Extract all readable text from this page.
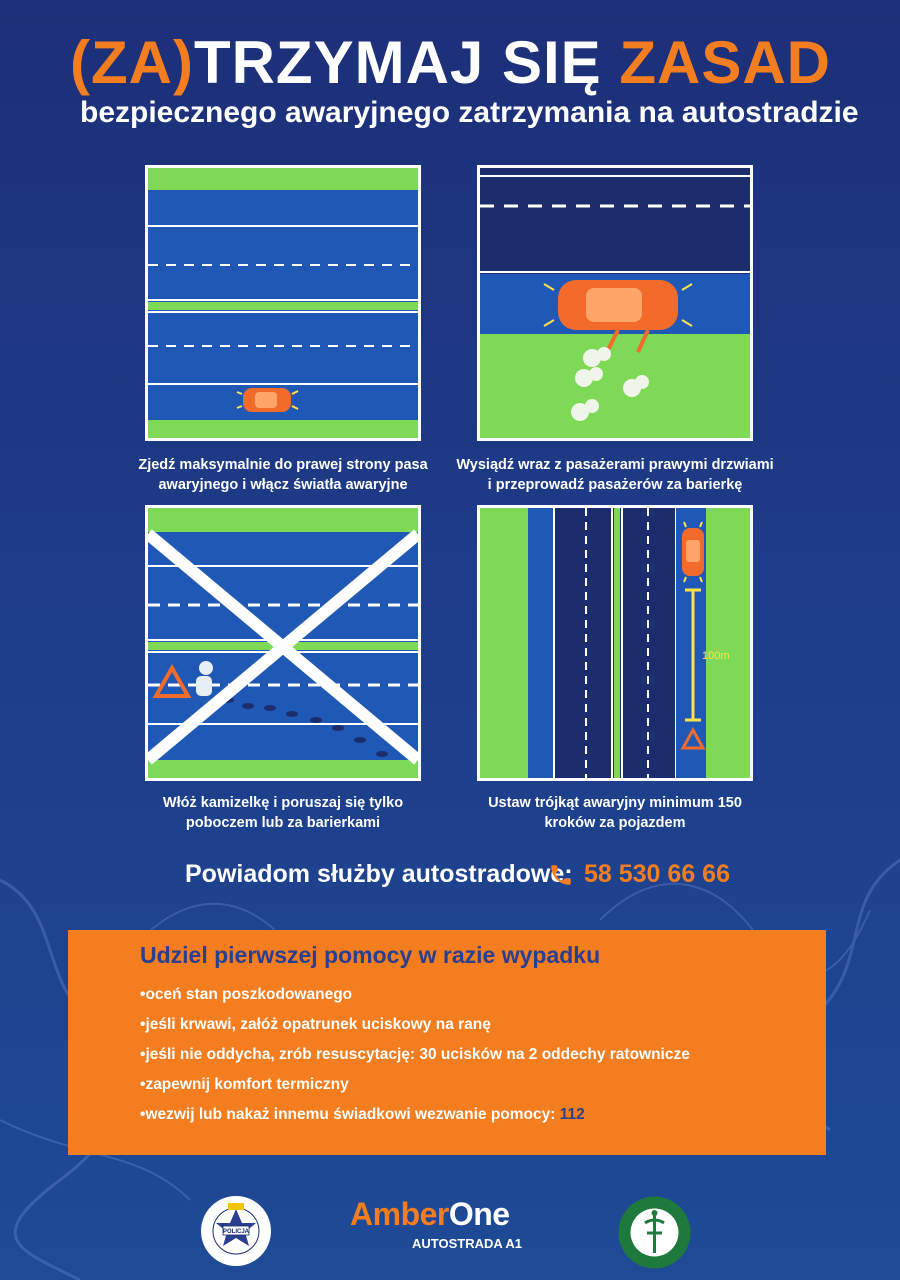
(ZA)TRZYMAJ SIĘ ZASAD
bezpiecznego awaryjnego zatrzymania na autostradzie
Zjedź maksymalnie do prawej strony pasa
awaryjnego i włącz światła awaryjne
Wysiądź wraz z pasażerami prawymi drzwiami
i przeprowadź pasażerów za barierkę
Włóż kamizelkę i poruszaj się tylko
poboczem lub za barierkami
100m
Ustaw trójkąt awaryjny minimum 150
kroków za pojazdem
Powiadom służby autostradowe: 58 530 66 66
Udziel pierwszej pomocy w razie wypadku
•oceń stan poszkodowanego
•jeśli krwawi, załóż opatrunek uciskowy na ranę
•jeśli nie oddycha, zrób resuscytację: 30 ucisków na 2 oddechy ratownicze
•zapewnij komfort termiczny
•wezwij lub nakaż innemu świadkowi wezwanie pomocy: 112
POLICJA	AmberOne
AUTOSTRADA A1
